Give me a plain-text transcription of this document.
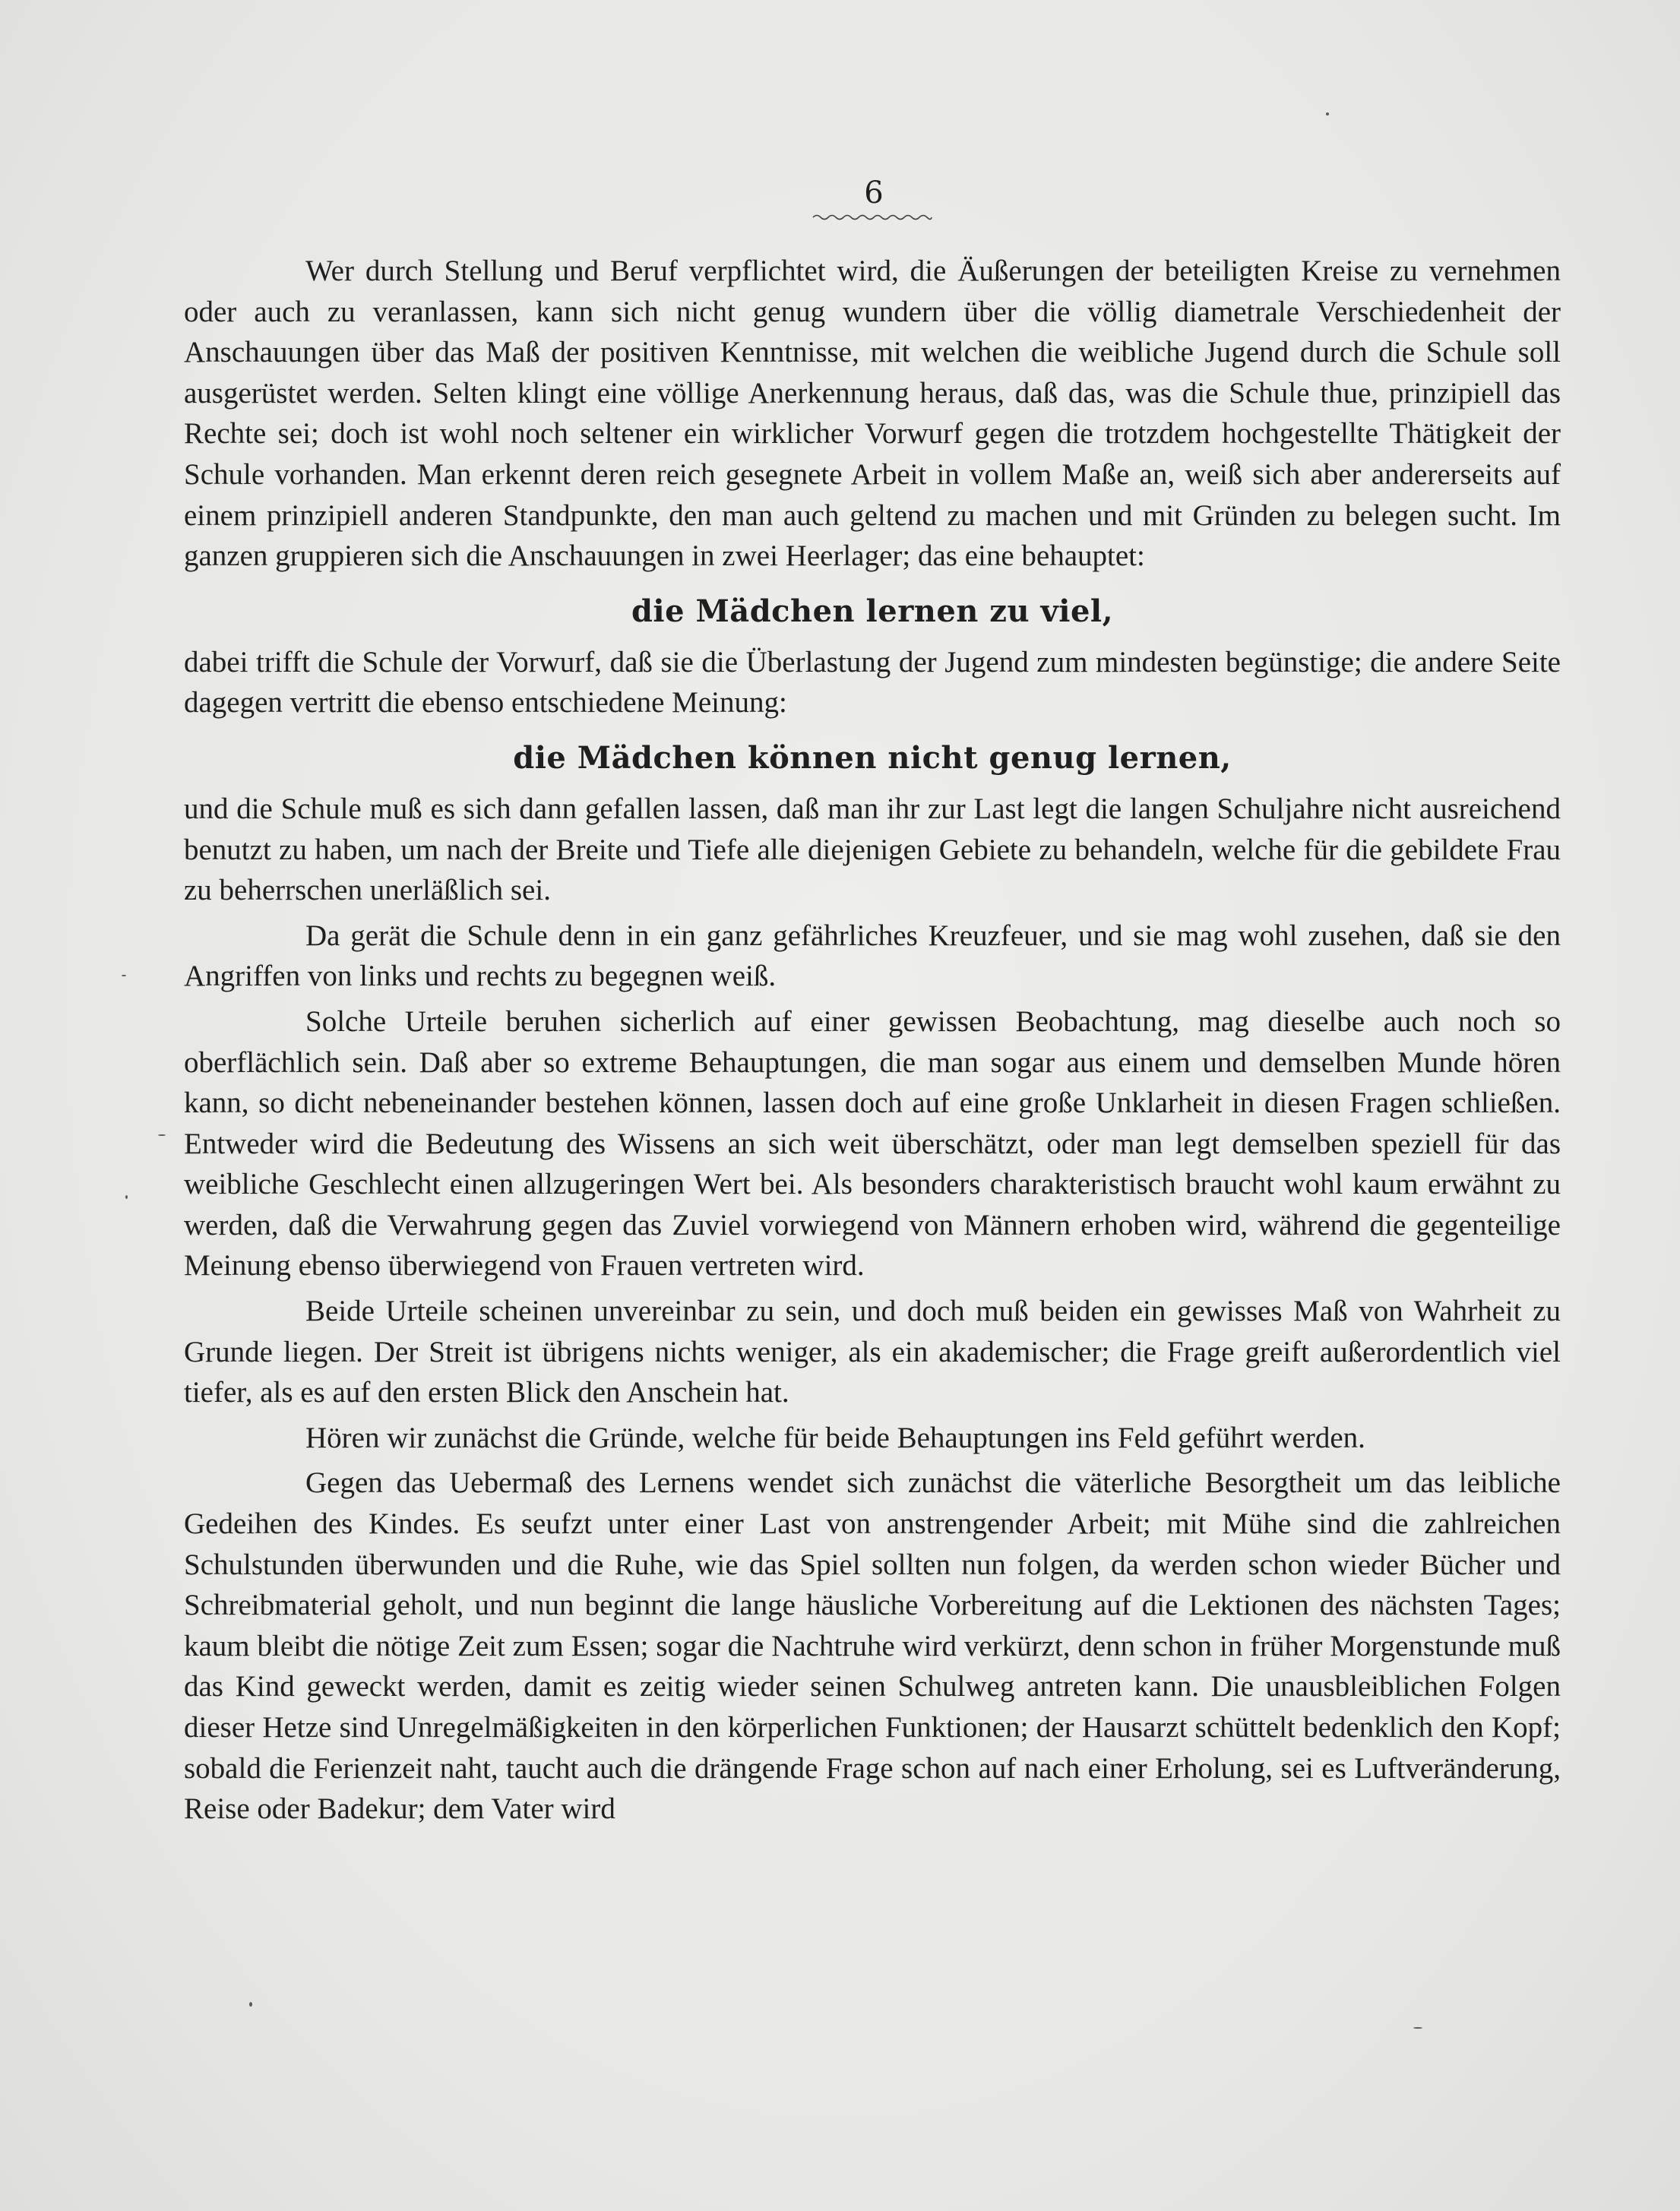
6

Wer durch Stellung und Beruf verpflichtet wird, die Äußerungen der beteiligten Kreise zu vernehmen oder auch zu veranlassen, kann sich nicht genug wundern über die völlig diametrale Verschiedenheit der Anschauungen über das Maß der positiven Kenntnisse, mit welchen die weibliche Jugend durch die Schule soll ausgerüstet werden. Selten klingt eine völlige Anerkennung heraus, daß das, was die Schule thue, prinzipiell das Rechte sei; doch ist wohl noch seltener ein wirklicher Vorwurf gegen die trotzdem hochgestellte Thätigkeit der Schule vorhanden. Man erkennt deren reich gesegnete Arbeit in vollem Maße an, weiß sich aber andererseits auf einem prinzipiell anderen Standpunkte, den man auch geltend zu machen und mit Gründen zu belegen sucht. Im ganzen gruppieren sich die Anschauungen in zwei Heerlager; das eine behauptet:

die Mädchen lernen zu viel,

dabei trifft die Schule der Vorwurf, daß sie die Überlastung der Jugend zum mindesten begünstige; die andere Seite dagegen vertritt die ebenso entschiedene Meinung:

die Mädchen können nicht genug lernen,

und die Schule muß es sich dann gefallen lassen, daß man ihr zur Last legt die langen Schuljahre nicht ausreichend benutzt zu haben, um nach der Breite und Tiefe alle diejenigen Gebiete zu behandeln, welche für die gebildete Frau zu beherrschen unerläßlich sei.

Da gerät die Schule denn in ein ganz gefährliches Kreuzfeuer, und sie mag wohl zusehen, daß sie den Angriffen von links und rechts zu begegnen weiß.

Solche Urteile beruhen sicherlich auf einer gewissen Beobachtung, mag dieselbe auch noch so oberflächlich sein. Daß aber so extreme Behauptungen, die man sogar aus einem und demselben Munde hören kann, so dicht nebeneinander bestehen können, lassen doch auf eine große Unklarheit in diesen Fragen schließen. Entweder wird die Bedeutung des Wissens an sich weit überschätzt, oder man legt demselben speziell für das weibliche Geschlecht einen allzugeringen Wert bei. Als besonders charakteristisch braucht wohl kaum erwähnt zu werden, daß die Verwahrung gegen das Zuviel vorwiegend von Männern erhoben wird, während die gegenteilige Meinung ebenso überwiegend von Frauen vertreten wird.

Beide Urteile scheinen unvereinbar zu sein, und doch muß beiden ein gewisses Maß von Wahrheit zu Grunde liegen. Der Streit ist übrigens nichts weniger, als ein akademischer; die Frage greift außerordentlich viel tiefer, als es auf den ersten Blick den Anschein hat.

Hören wir zunächst die Gründe, welche für beide Behauptungen ins Feld geführt werden.

Gegen das Uebermaß des Lernens wendet sich zunächst die väterliche Besorgtheit um das leibliche Gedeihen des Kindes. Es seufzt unter einer Last von anstrengender Arbeit; mit Mühe sind die zahlreichen Schulstunden überwunden und die Ruhe, wie das Spiel sollten nun folgen, da werden schon wieder Bücher und Schreibmaterial geholt, und nun beginnt die lange häusliche Vorbereitung auf die Lektionen des nächsten Tages; kaum bleibt die nötige Zeit zum Essen; sogar die Nachtruhe wird verkürzt, denn schon in früher Morgenstunde muß das Kind geweckt werden, damit es zeitig wieder seinen Schulweg antreten kann. Die unausbleiblichen Folgen dieser Hetze sind Unregelmäßigkeiten in den körperlichen Funktionen; der Hausarzt schüttelt bedenklich den Kopf; sobald die Ferienzeit naht, taucht auch die drängende Frage schon auf nach einer Erholung, sei es Luftveränderung, Reise oder Badekur; dem Vater wird
